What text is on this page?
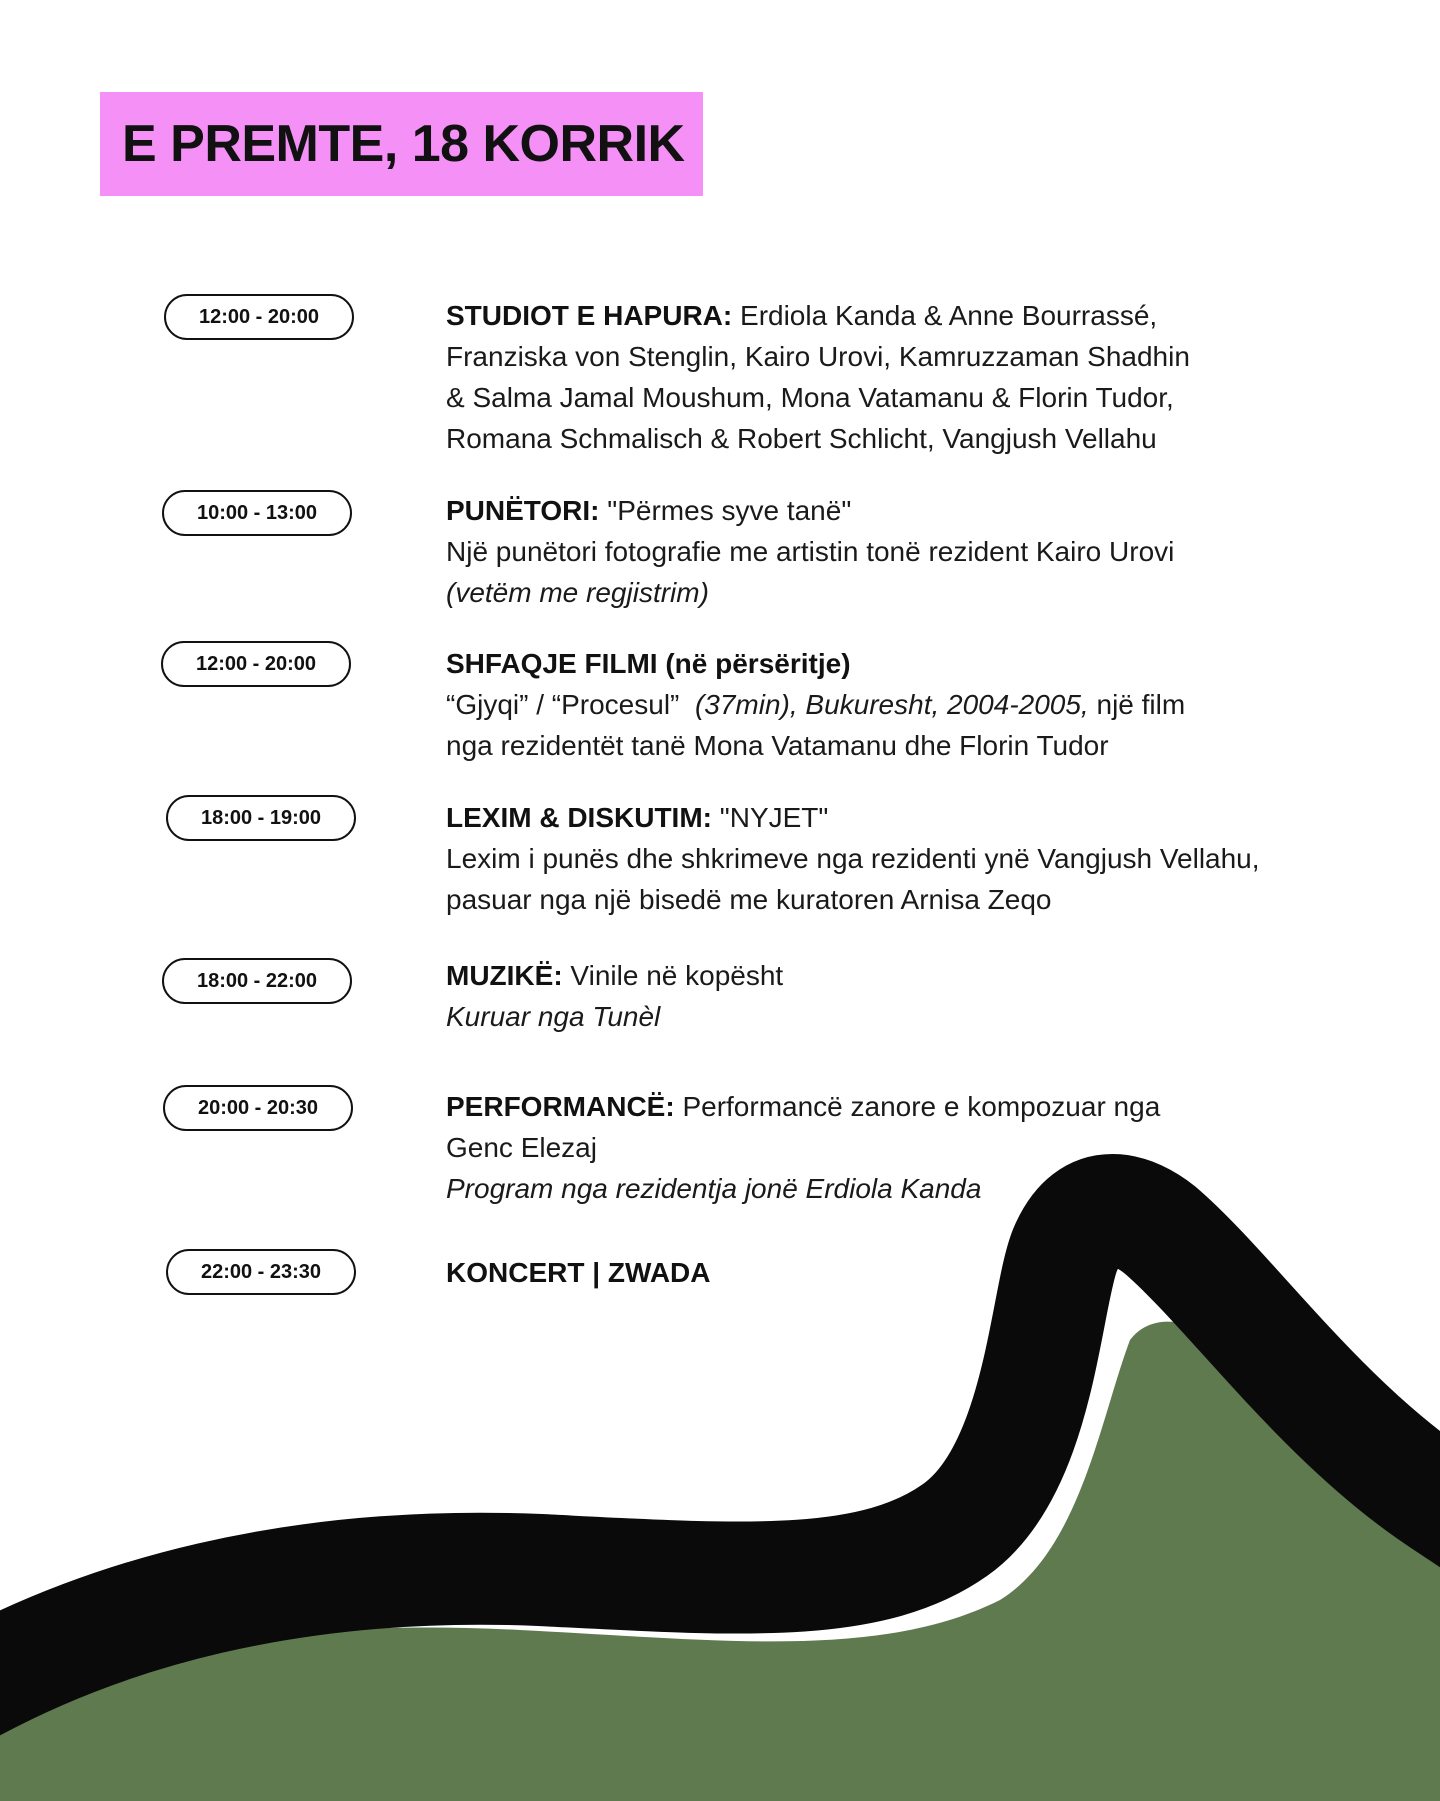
E PREMTE, 18 KORRIK
12:00 - 20:00	STUDIOT E HAPURA: Erdiola Kanda & Anne Bourrassé,

Franziska von Stenglin, Kairo Urovi, Kamruzzaman Shadhin

& Salma Jamal Moushum, Mona Vatamanu & Florin Tudor,

Romana Schmalisch & Robert Schlicht, Vangjush Vellahu

10:00 - 13:00	PUNËTORI: "Përmes syve tanë"

Një punëtori fotografie me artistin tonë rezident Kairo Urovi

(vetëm me regjistrim)

12:00 - 20:00	SHFAQJE FILMI (në përsëritje)

“Gjyqi” / “Procesul”  (37min), Bukuresht, 2004-2005, një film

nga rezidentët tanë Mona Vatamanu dhe Florin Tudor

18:00 - 19:00	LEXIM & DISKUTIM: "NYJET"

Lexim i punës dhe shkrimeve nga rezidenti ynë Vangjush Vellahu,

pasuar nga një bisedë me kuratoren Arnisa Zeqo

18:00 - 22:00	MUZIKË: Vinile në kopësht

Kuruar nga Tunèl

20:00 - 20:30	PERFORMANCË: Performancë zanore e kompozuar nga

Genc Elezaj

Program nga rezidentja jonë Erdiola Kanda

22:00 - 23:30	KONCERT | ZWADA
